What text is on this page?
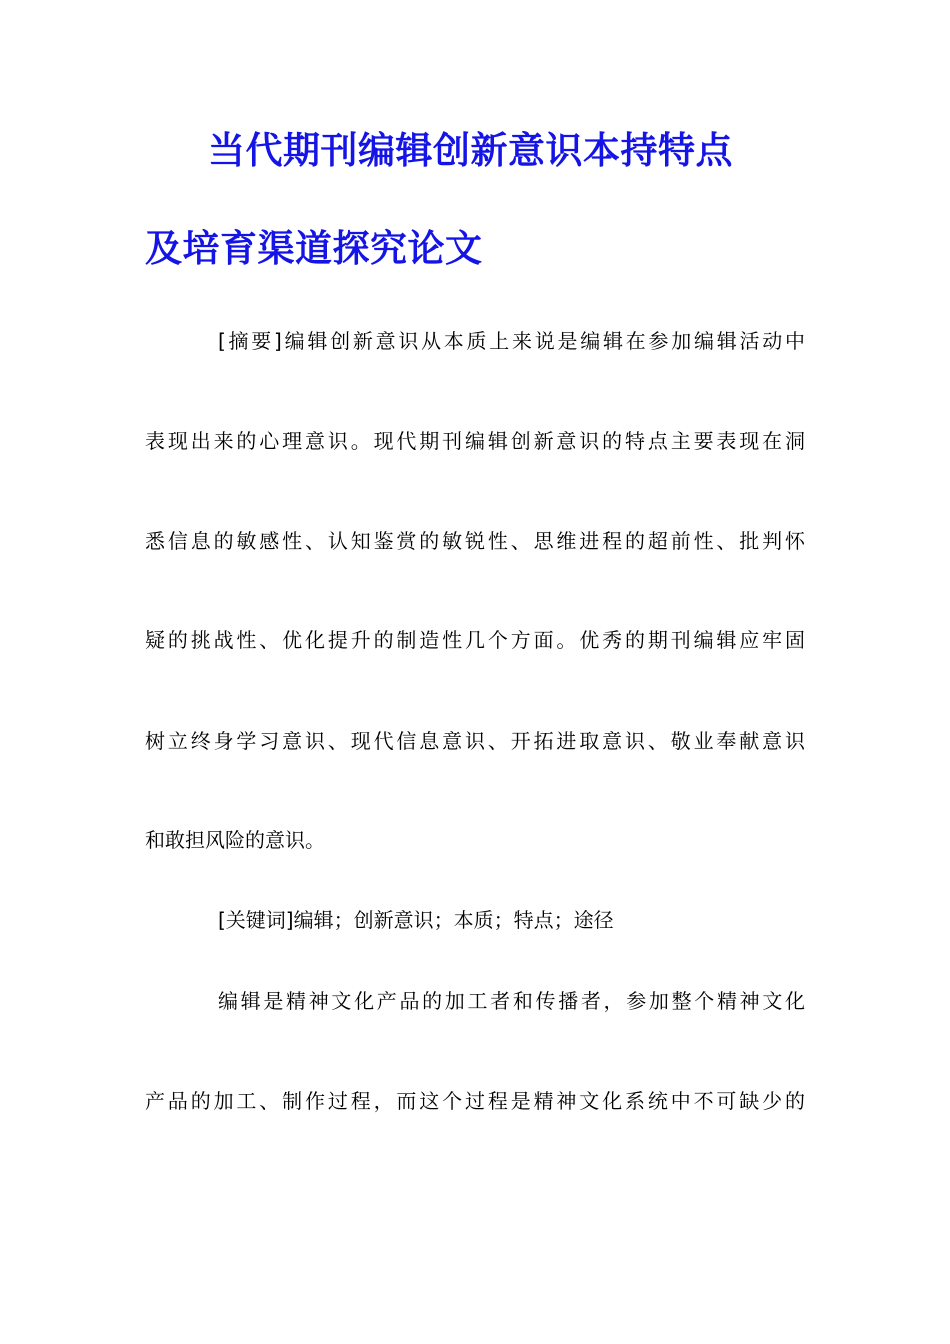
当代期刊编辑创新意识本持特点
及培育渠道探究论文

[摘要]编辑创新意识从本质上来说是编辑在参加编辑活动中

表现出来的心理意识。现代期刊编辑创新意识的特点主要表现在洞

悉信息的敏感性、认知鉴赏的敏锐性、思维进程的超前性、批判怀

疑的挑战性、优化提升的制造性几个方面。优秀的期刊编辑应牢固

树立终身学习意识、现代信息意识、开拓进取意识、敬业奉献意识

和敢担风险的意识。

[关键词]编辑；创新意识；本质；特点；途径

编辑是精神文化产品的加工者和传播者，参加整个精神文化

产品的加工、制作过程，而这个过程是精神文化系统中不可缺少的
